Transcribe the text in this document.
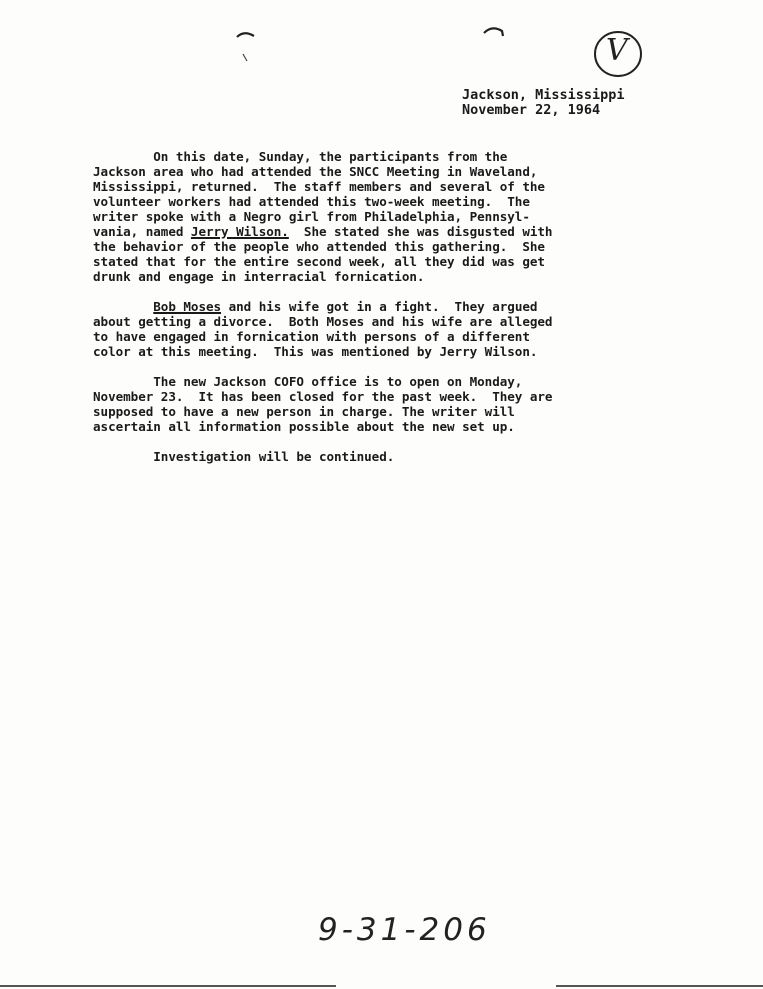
V
Jackson, Mississippi
November 22, 1964
On this date, Sunday, the participants from the
Jackson area who had attended the SNCC Meeting in Waveland,
Mississippi, returned.  The staff members and several of the
volunteer workers had attended this two-week meeting.  The
writer spoke with a Negro girl from Philadelphia, Pennsyl-
vania, named Jerry Wilson.  She stated she was disgusted with
the behavior of the people who attended this gathering.  She
stated that for the entire second week, all they did was get
drunk and engage in interracial fornication.
Bob Moses and his wife got in a fight.  They argued
about getting a divorce.  Both Moses and his wife are alleged
to have engaged in fornication with persons of a different
color at this meeting.  This was mentioned by Jerry Wilson.
The new Jackson COFO office is to open on Monday,
November 23.  It has been closed for the past week.  They are
supposed to have a new person in charge. The writer will
ascertain all information possible about the new set up.
Investigation will be continued.
9-31-206
